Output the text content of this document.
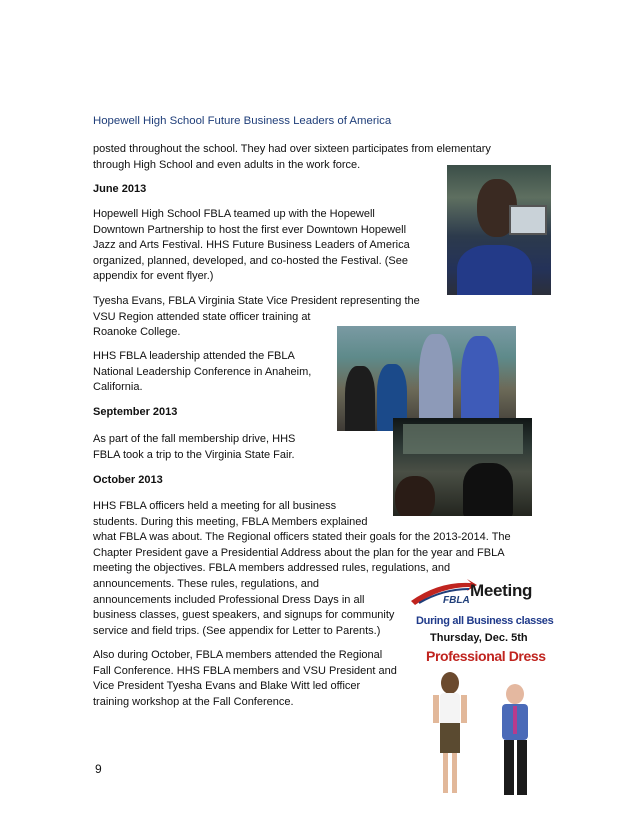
Hopewell High School Future Business Leaders of America

posted throughout the school. They had over sixteen participates from elementary
through High School and even adults in the work force.

June 2013

Hopewell High School FBLA teamed up with the Hopewell
Downtown Partnership to host the first ever Downtown Hopewell
Jazz and Arts Festival. HHS Future Business Leaders of America
organized, planned, developed, and co-hosted the Festival. (See
appendix for event flyer.)

Tyesha Evans, FBLA Virginia State Vice President representing the
VSU Region attended state officer training at
Roanoke College.

HHS FBLA leadership attended the FBLA
National Leadership Conference in Anaheim,
California.

September 2013

As part of the fall membership drive, HHS
FBLA took a trip to the Virginia State Fair.

October 2013

HHS FBLA officers held a meeting for all business
students. During this meeting, FBLA Members explained
what FBLA was about. The Regional officers stated their goals for the 2013-2014. The
Chapter President gave a Presidential Address about the plan for the year and FBLA
meeting the objectives. FBLA members addressed rules, regulations, and
announcements. These rules, regulations, and
announcements included Professional Dress Days in all
business classes, guest speakers, and signups for community
service and field trips. (See appendix for Letter to Parents.)

Also during October, FBLA members attended the Regional
Fall Conference. HHS FBLA members and VSU President and
Vice President Tyesha Evans and Blake Witt led officer
training workshop at the Fall Conference.

Meeting
FBLA
During all Business classes
Thursday, Dec. 5th
Professional Dress
9
